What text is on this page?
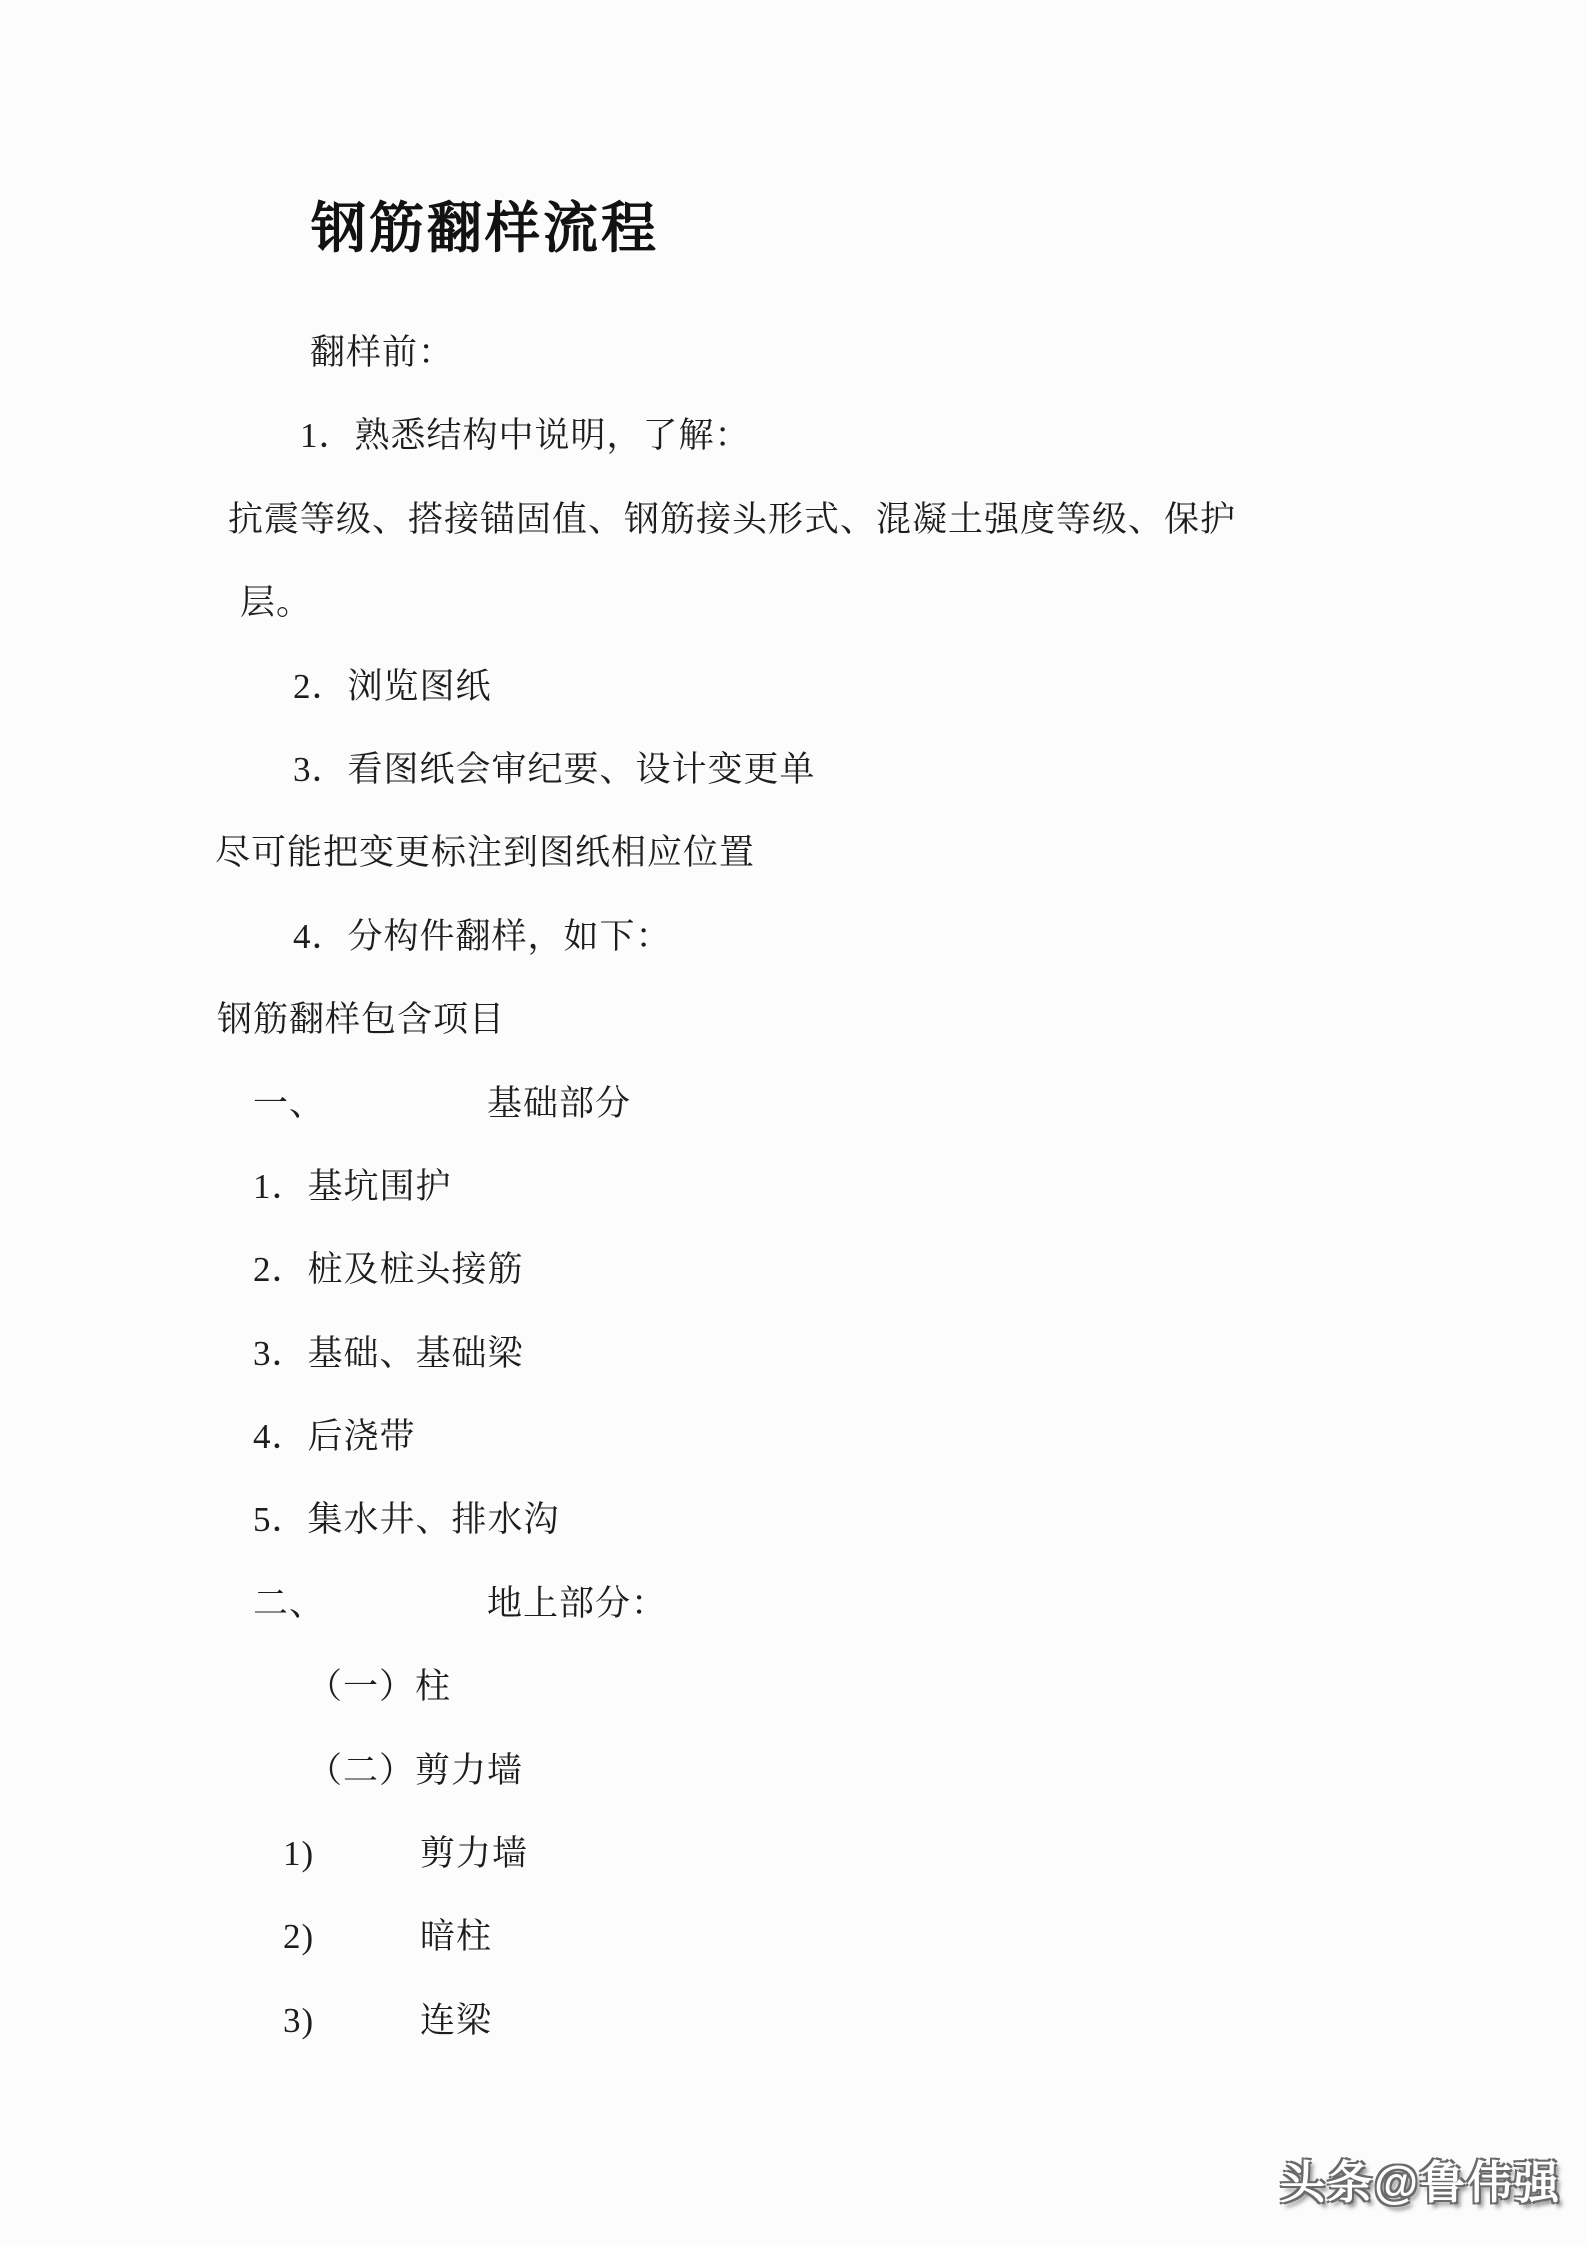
钢筋翻样流程

翻样前：

1．熟悉结构中说明，了解：

抗震等级、搭接锚固值、钢筋接头形式、混凝土强度等级、保护

层。

2．浏览图纸

3．看图纸会审纪要、设计变更单

尽可能把变更标注到图纸相应位置

4．分构件翻样，如下：

钢筋翻样包含项目

一、	基础部分

1．基坑围护

2．桩及桩头接筋

3．基础、基础梁

4．后浇带

5．集水井、排水沟

二、	地上部分：

（一）柱

（二）剪力墙

1)	剪力墙

2)	暗柱

3)	连梁

头条@鲁伟强
